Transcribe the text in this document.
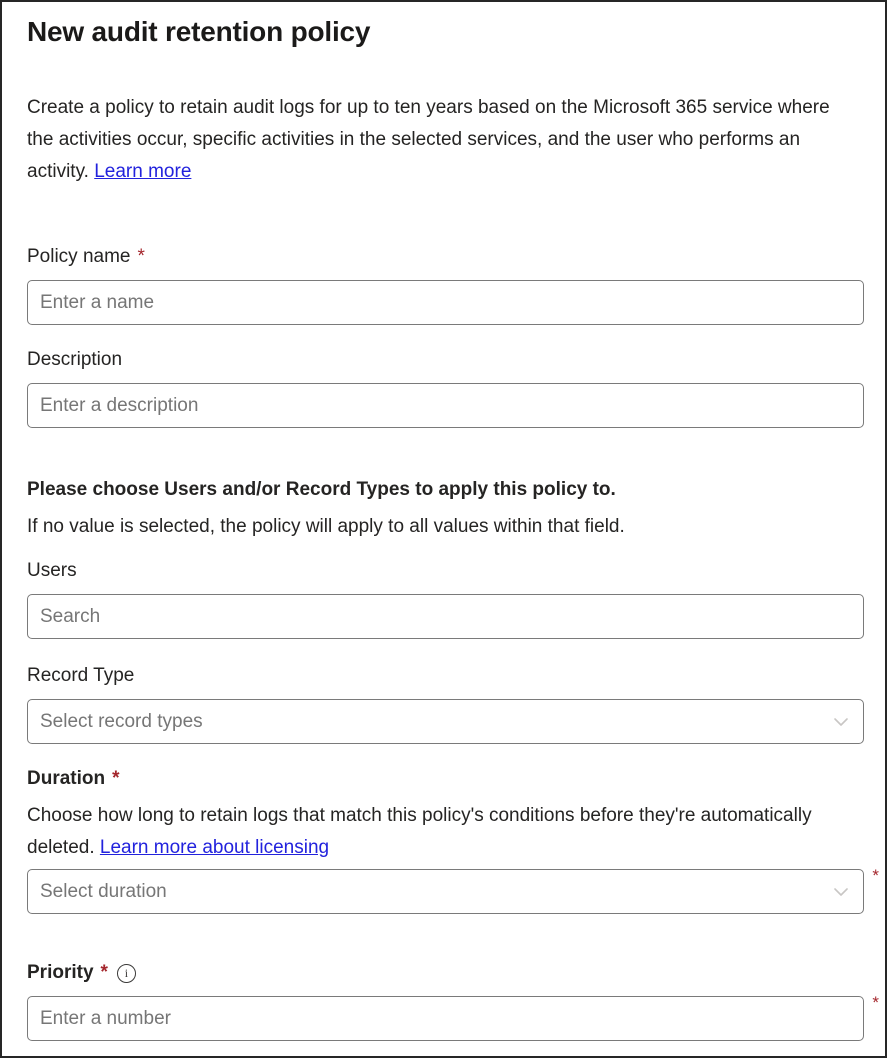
New audit retention policy

Create a policy to retain audit logs for up to ten years based on the Microsoft 365 service where the activities occur, specific activities in the selected services, and the user who performs an activity. Learn more

Policy name *
Enter a name
Description
Enter a description
Please choose Users and/or Record Types to apply this policy to.
If no value is selected, the policy will apply to all values within that field.
Users
Search
Record Type
Select record types
Duration *

Choose how long to retain logs that match this policy's conditions before they're automatically deleted. Learn more about licensing

*
Select duration
Priority *	i
*
Enter a number
